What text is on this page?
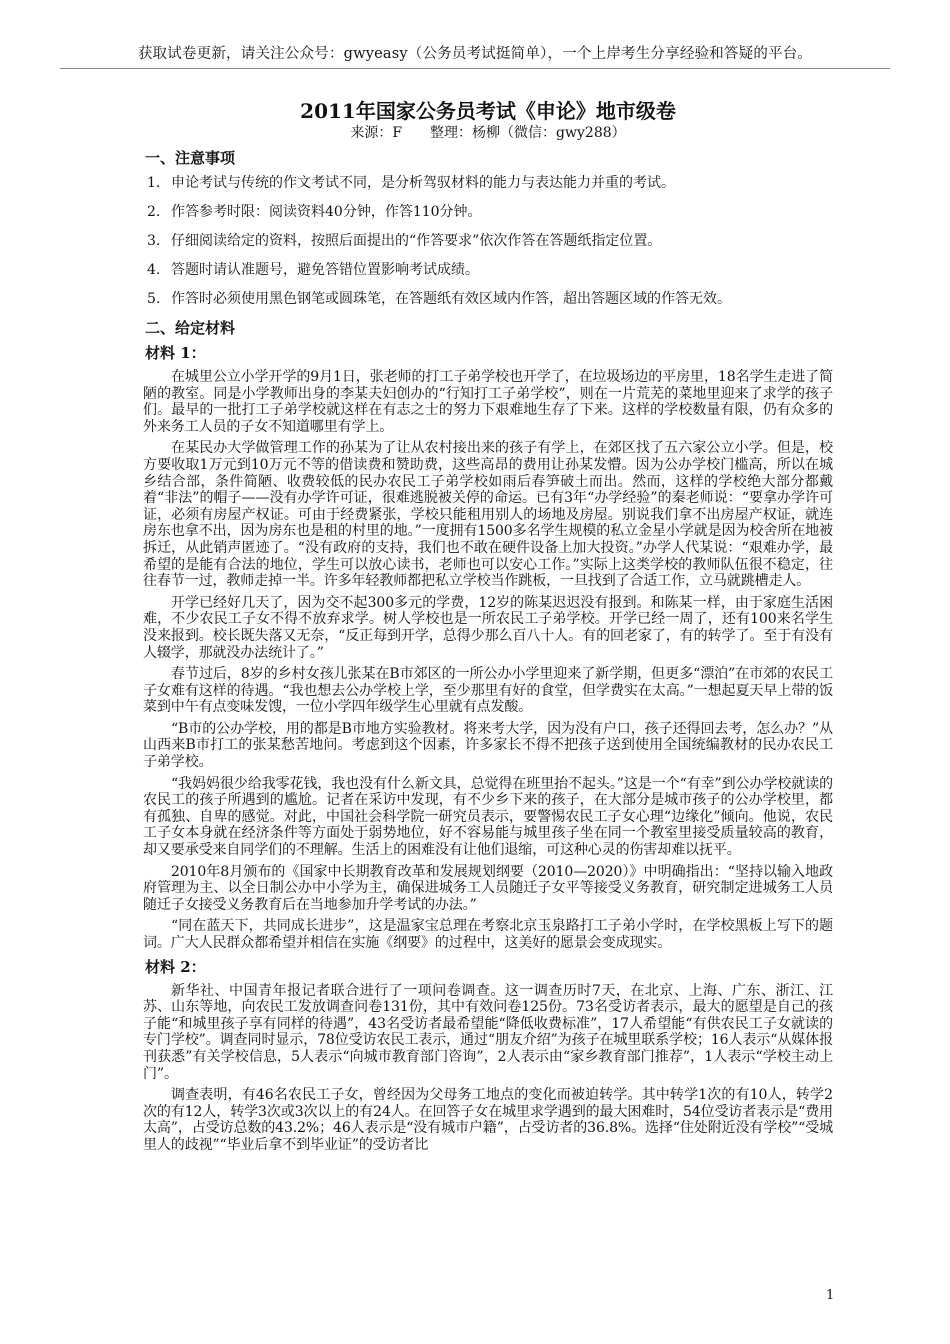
获取试卷更新，请关注公众号：gwyeasy（公务员考试挺简单），一个上岸考生分享经验和答疑的平台。
2011年国家公务员考试《申论》地市级卷
来源：F　　整理：杨柳（微信：gwy288）
一、注意事项
1. 申论考试与传统的作文考试不同，是分析驾驭材料的能力与表达能力并重的考试。
2. 作答参考时限：阅读资料40分钟，作答110分钟。
3. 仔细阅读给定的资料，按照后面提出的“作答要求”依次作答在答题纸指定位置。
4. 答题时请认准题号，避免答错位置影响考试成绩。
5. 作答时必须使用黑色钢笔或圆珠笔，在答题纸有效区域内作答，超出答题区域的作答无效。
二、给定材料
材料 1：

在城里公立小学开学的9月1日，张老师的打工子弟学校也开学了，在垃圾场边的平房里，18名学生走进了简陋的教室。同是小学教师出身的李某夫妇创办的“行知打工子弟学校”，则在一片荒芜的菜地里迎来了求学的孩子们。最早的一批打工子弟学校就这样在有志之士的努力下艰难地生存了下来。这样的学校数量有限，仍有众多的外来务工人员的子女不知道哪里有学上。

在某民办大学做管理工作的孙某为了让从农村接出来的孩子有学上，在郊区找了五六家公立小学。但是，校方要收取1万元到10万元不等的借读费和赞助费，这些高昂的费用让孙某发懵。因为公办学校门槛高，所以在城乡结合部，条件简陋、收费较低的民办农民工子弟学校如雨后春笋破土而出。然而，这样的学校绝大部分都戴着“非法”的帽子——没有办学许可证，很难逃脱被关停的命运。已有3年“办学经验”的秦老师说：“要拿办学许可证，必须有房屋产权证。可由于经费紧张，学校只能租用别人的场地及房屋。别说我们拿不出房屋产权证，就连房东也拿不出，因为房东也是租的村里的地。”一度拥有1500多名学生规模的私立金星小学就是因为校舍所在地被拆迁，从此销声匿迹了。“没有政府的支持，我们也不敢在硬件设备上加大投资。”办学人代某说：“艰难办学，最希望的是能有合法的地位，学生可以放心读书，老师也可以安心工作。”实际上这类学校的教师队伍很不稳定，往往春节一过，教师走掉一半。许多年轻教师都把私立学校当作跳板，一旦找到了合适工作，立马就跳槽走人。

开学已经好几天了，因为交不起300多元的学费，12岁的陈某迟迟没有报到。和陈某一样，由于家庭生活困难，不少农民工子女不得不放弃求学。树人学校也是一所农民工子弟学校。开学已经一周了，还有100来名学生没来报到。校长既失落又无奈，“反正每到开学，总得少那么百八十人。有的回老家了，有的转学了。至于有没有人辍学，那就没办法统计了。”

春节过后，8岁的乡村女孩儿张某在B市郊区的一所公办小学里迎来了新学期，但更多“漂泊”在市郊的农民工子女难有这样的待遇。“我也想去公办学校上学，至少那里有好的食堂，但学费实在太高。”一想起夏天早上带的饭菜到中午有点变味发馊，一位小学四年级学生心里就有点发酸。

“B市的公办学校，用的都是B市地方实验教材。将来考大学，因为没有户口，孩子还得回去考，怎么办？”从山西来B市打工的张某愁苦地问。考虑到这个因素，许多家长不得不把孩子送到使用全国统编教材的民办农民工子弟学校。

“我妈妈很少给我零花钱，我也没有什么新文具，总觉得在班里抬不起头。”这是一个“有幸”到公办学校就读的农民工的孩子所遇到的尴尬。记者在采访中发现，有不少乡下来的孩子，在大部分是城市孩子的公办学校里，都有孤独、自卑的感觉。对此，中国社会科学院一研究员表示，要警惕农民工子女心理“边缘化”倾向。他说，农民工子女本身就在经济条件等方面处于弱势地位，好不容易能与城里孩子坐在同一个教室里接受质量较高的教育，却又要承受来自同学们的不理解。生活上的困难没有让他们退缩，可这种心灵的伤害却难以抚平。

2010年8月颁布的《国家中长期教育改革和发展规划纲要（2010—2020）》中明确指出：“坚持以输入地政府管理为主、以全日制公办中小学为主，确保进城务工人员随迁子女平等接受义务教育，研究制定进城务工人员随迁子女接受义务教育后在当地参加升学考试的办法。”

“同在蓝天下，共同成长进步”，这是温家宝总理在考察北京玉泉路打工子弟小学时，在学校黑板上写下的题词。广大人民群众都希望并相信在实施《纲要》的过程中，这美好的愿景会变成现实。

材料 2：

新华社、中国青年报记者联合进行了一项问卷调查。这一调查历时7天，在北京、上海、广东、浙江、江苏、山东等地，向农民工发放调查问卷131份，其中有效问卷125份。73名受访者表示，最大的愿望是自己的孩子能“和城里孩子享有同样的待遇”，43名受访者最希望能“降低收费标准”，17人希望能“有供农民工子女就读的专门学校”。调查同时显示，78位受访农民工表示，通过“朋友介绍”为孩子在城里联系学校；16人表示“从媒体报刊获悉”有关学校信息，5人表示“向城市教育部门咨询”，2人表示由“家乡教育部门推荐”，1人表示“学校主动上门”。

调查表明，有46名农民工子女，曾经因为父母务工地点的变化而被迫转学。其中转学1次的有10人，转学2次的有12人，转学3次或3次以上的有24人。在回答子女在城里求学遇到的最大困难时，54位受访者表示是“费用太高”，占受访总数的43.2%；46人表示是“没有城市户籍”，占受访者的36.8%。选择“住处附近没有学校”“受城里人的歧视”“毕业后拿不到毕业证”的受访者比

1
